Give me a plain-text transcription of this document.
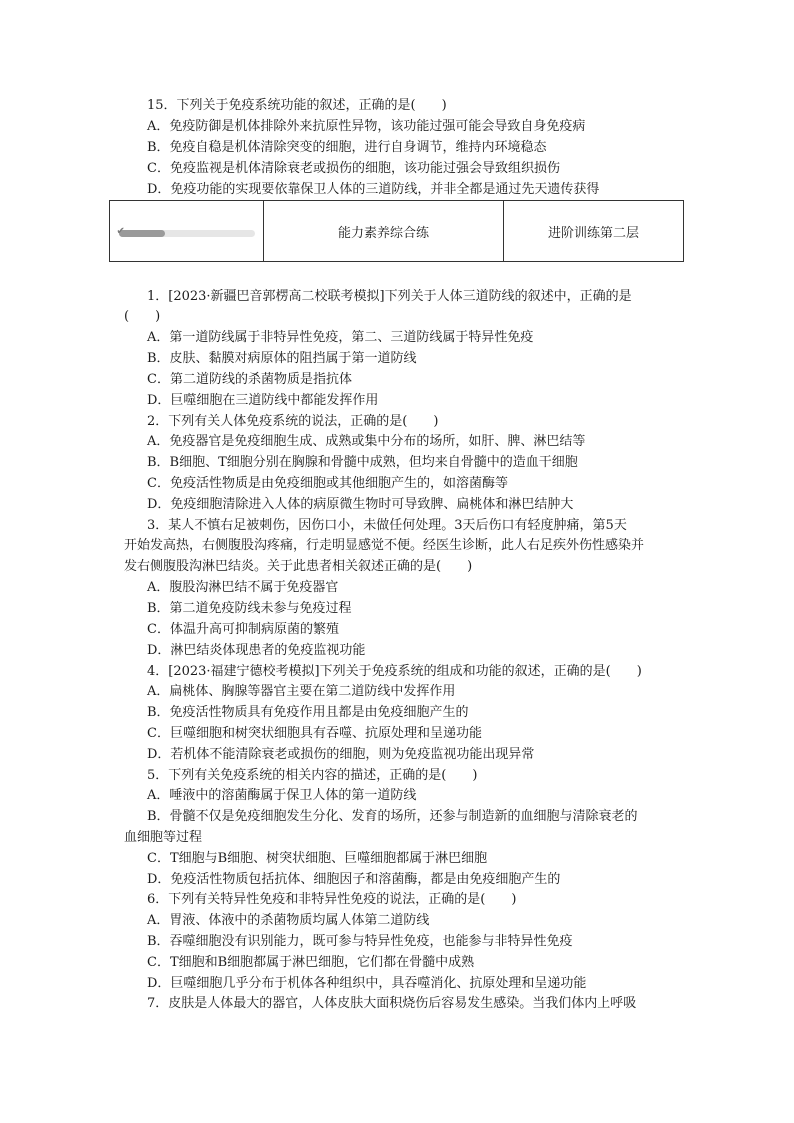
15．下列关于免疫系统功能的叙述，正确的是(　　)
A．免疫防御是机体排除外来抗原性异物，该功能过强可能会导致自身免疫病
B．免疫自稳是机体清除突变的细胞，进行自身调节，维持内环境稳态
C．免疫监视是机体清除衰老或损伤的细胞，该功能过强会导致组织损伤
D．免疫功能的实现要依靠保卫人体的三道防线，并非全都是通过先天遗传获得
✔	能力素养综合练	进阶训练第二层
1．[2023·新疆巴音郭楞高二校联考模拟]下列关于人体三道防线的叙述中，正确的是
(　　)
A．第一道防线属于非特异性免疫，第二、三道防线属于特异性免疫
B．皮肤、黏膜对病原体的阻挡属于第一道防线
C．第二道防线的杀菌物质是指抗体
D．巨噬细胞在三道防线中都能发挥作用
2．下列有关人体免疫系统的说法，正确的是(　　)
A．免疫器官是免疫细胞生成、成熟或集中分布的场所，如肝、脾、淋巴结等
B．B细胞、T细胞分别在胸腺和骨髓中成熟，但均来自骨髓中的造血干细胞
C．免疫活性物质是由免疫细胞或其他细胞产生的，如溶菌酶等
D．免疫细胞清除进入人体的病原微生物时可导致脾、扁桃体和淋巴结肿大
3．某人不慎右足被刺伤，因伤口小，未做任何处理。3天后伤口有轻度肿痛，第5天
开始发高热，右侧腹股沟疼痛，行走明显感觉不便。经医生诊断，此人右足疾外伤性感染并
发右侧腹股沟淋巴结炎。关于此患者相关叙述正确的是(　　)
A．腹股沟淋巴结不属于免疫器官
B．第二道免疫防线未参与免疫过程
C．体温升高可抑制病原菌的繁殖
D．淋巴结炎体现患者的免疫监视功能
4．[2023·福建宁德校考模拟]下列关于免疫系统的组成和功能的叙述，正确的是(　　)
A．扁桃体、胸腺等器官主要在第二道防线中发挥作用
B．免疫活性物质具有免疫作用且都是由免疫细胞产生的
C．巨噬细胞和树突状细胞具有吞噬、抗原处理和呈递功能
D．若机体不能清除衰老或损伤的细胞，则为免疫监视功能出现异常
5．下列有关免疫系统的相关内容的描述，正确的是(　　)
A．唾液中的溶菌酶属于保卫人体的第一道防线
B．骨髓不仅是免疫细胞发生分化、发育的场所，还参与制造新的血细胞与清除衰老的
血细胞等过程
C．T细胞与B细胞、树突状细胞、巨噬细胞都属于淋巴细胞
D．免疫活性物质包括抗体、细胞因子和溶菌酶，都是由免疫细胞产生的
6．下列有关特异性免疫和非特异性免疫的说法，正确的是(　　)
A．胃液、体液中的杀菌物质均属人体第二道防线
B．吞噬细胞没有识别能力，既可参与特异性免疫，也能参与非特异性免疫
C．T细胞和B细胞都属于淋巴细胞，它们都在骨髓中成熟
D．巨噬细胞几乎分布于机体各种组织中，具吞噬消化、抗原处理和呈递功能
7．皮肤是人体最大的器官，人体皮肤大面积烧伤后容易发生感染。当我们体内上呼吸
